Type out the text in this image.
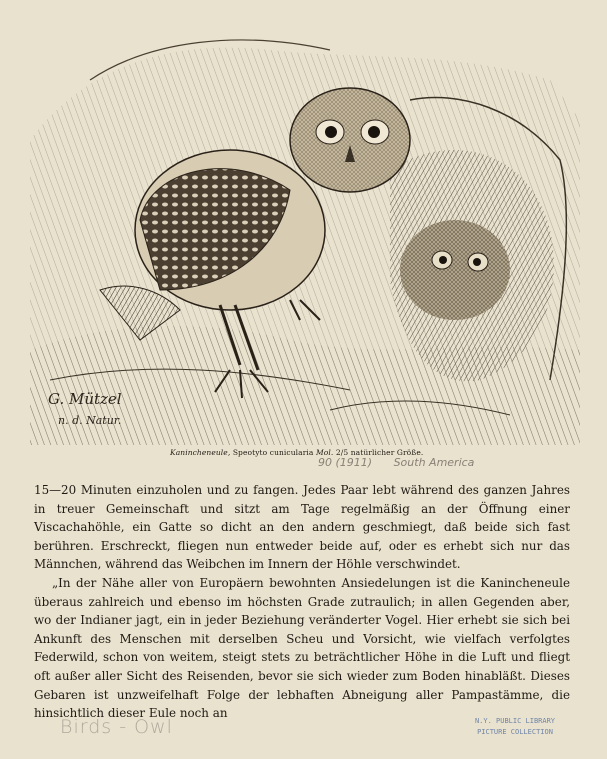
G. Mützel
n. d. Natur.
Kanincheneule, Speotyto cunicularia Mol. 2/5 natürlicher Größe.
90 (1911) South America

15—20 Minuten einzuholen und zu fangen. Jedes Paar lebt während des ganzen Jahres in treuer Gemeinschaft und sitzt am Tage regelmäßig an der Öffnung einer Viscachahöhle, ein Gatte so dicht an den andern geschmiegt, daß beide sich fast berühren. Erschreckt, fliegen nun entweder beide auf, oder es erhebt sich nur das Männchen, während das Weibchen im Innern der Höhle verschwindet.

„In der Nähe aller von Europäern bewohnten Ansiedelungen ist die Kanincheneule überaus zahlreich und ebenso im höchsten Grade zutraulich; in allen Gegenden aber, wo der Indianer jagt, ein in jeder Beziehung veränderter Vogel. Hier erhebt sie sich bei Ankunft des Menschen mit derselben Scheu und Vorsicht, wie vielfach verfolgtes Federwild, schon von weitem, steigt stets zu beträchtlicher Höhe in die Luft und fliegt oft außer aller Sicht des Reisenden, bevor sie sich wieder zum Boden hinabläßt. Dieses Gebaren ist unzweifelhaft Folge der lebhaften Abneigung aller Pampastämme, die hinsichtlich dieser Eule noch an

Birds - Owl	N.Y. PUBLIC LIBRARY
PICTURE COLLECTION
